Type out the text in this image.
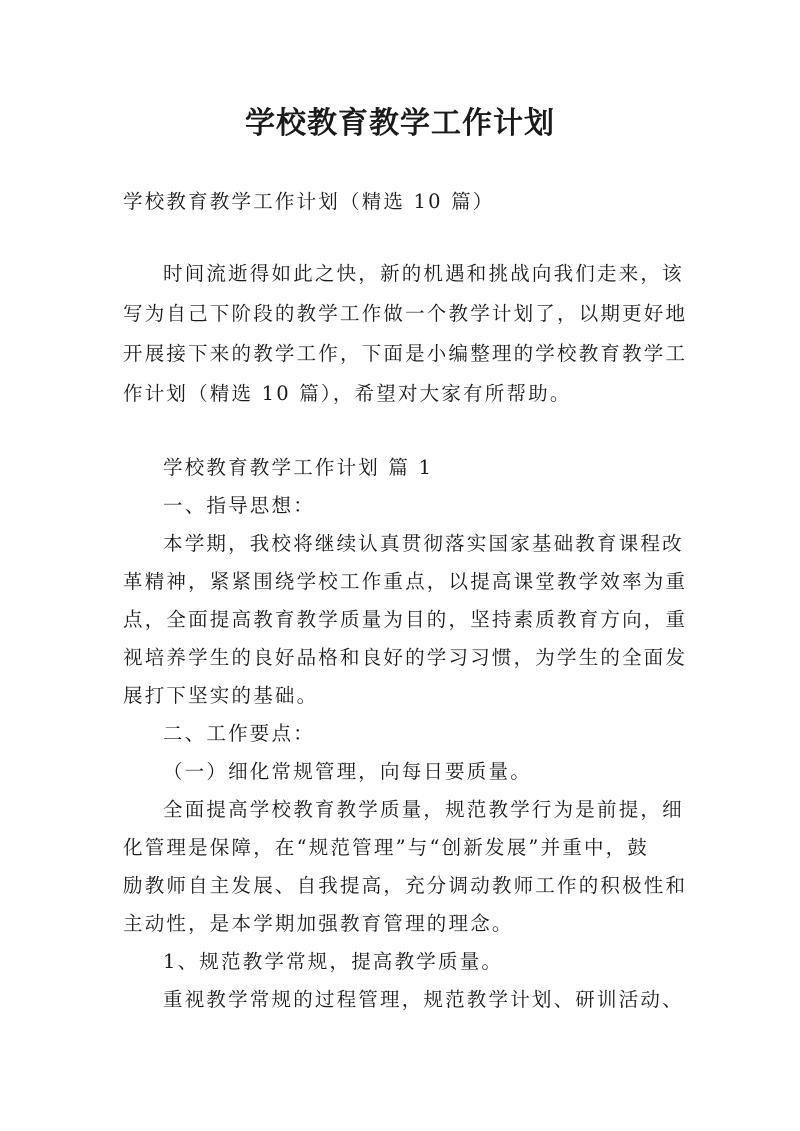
学校教育教学工作计划
学校教育教学工作计划（精选 10 篇）
时间流逝得如此之快，新的机遇和挑战向我们走来，该
写为自己下阶段的教学工作做一个教学计划了，以期更好地
开展接下来的教学工作，下面是小编整理的学校教育教学工
作计划（精选 10 篇），希望对大家有所帮助。
学校教育教学工作计划 篇 1
一、指导思想：
本学期，我校将继续认真贯彻落实国家基础教育课程改
革精神，紧紧围绕学校工作重点，以提高课堂教学效率为重
点，全面提高教育教学质量为目的，坚持素质教育方向，重
视培养学生的良好品格和良好的学习习惯，为学生的全面发
展打下坚实的基础。
二、工作要点：
（一）细化常规管理，向每日要质量。
全面提高学校教育教学质量，规范教学行为是前提，细
化管理是保障，在“规范管理”与“创新发展”并重中，鼓
励教师自主发展、自我提高，充分调动教师工作的积极性和
主动性，是本学期加强教育管理的理念。
1、规范教学常规，提高教学质量。
重视教学常规的过程管理，规范教学计划、研训活动、
